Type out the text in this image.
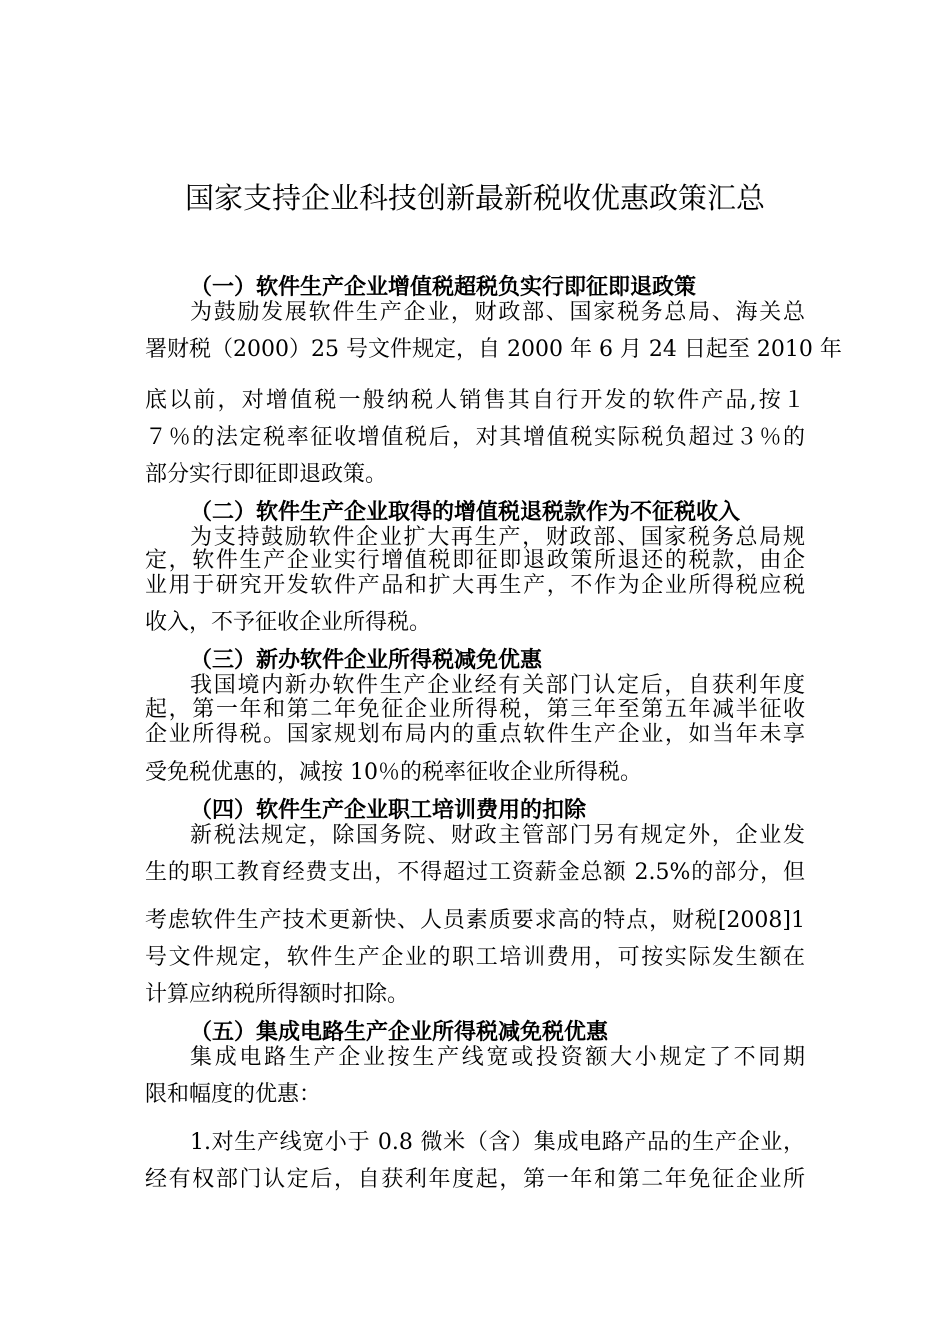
国家支持企业科技创新最新税收优惠政策汇总
（一）软件生产企业增值税超税负实行即征即退政策
为鼓励发展软件生产企业，财政部、国家税务总局、海关总
署财税（2000）25 号文件规定，自 2000 年 6 月 24 日起至 2010 年
底以前，对增值税一般纳税人销售其自行开发的软件产品,按１
７％的法定税率征收增值税后，对其增值税实际税负超过３％的
部分实行即征即退政策。
（二）软件生产企业取得的增值税退税款作为不征税收入
为支持鼓励软件企业扩大再生产，财政部、国家税务总局规
定，软件生产企业实行增值税即征即退政策所退还的税款，由企
业用于研究开发软件产品和扩大再生产，不作为企业所得税应税
收入，不予征收企业所得税。
（三）新办软件企业所得税减免优惠
我国境内新办软件生产企业经有关部门认定后，自获利年度
起，第一年和第二年免征企业所得税，第三年至第五年减半征收
企业所得税。国家规划布局内的重点软件生产企业，如当年未享
受免税优惠的，减按 10％的税率征收企业所得税。
（四）软件生产企业职工培训费用的扣除
新税法规定，除国务院、财政主管部门另有规定外，企业发
生的职工教育经费支出，不得超过工资薪金总额 2.5%的部分，但
考虑软件生产技术更新快、人员素质要求高的特点，财税[2008]1
号文件规定，软件生产企业的职工培训费用，可按实际发生额在
计算应纳税所得额时扣除。
（五）集成电路生产企业所得税减免税优惠
集成电路生产企业按生产线宽或投资额大小规定了不同期
限和幅度的优惠：
1.对生产线宽小于 0.8 微米（含）集成电路产品的生产企业，
经有权部门认定后，自获利年度起，第一年和第二年免征企业所
